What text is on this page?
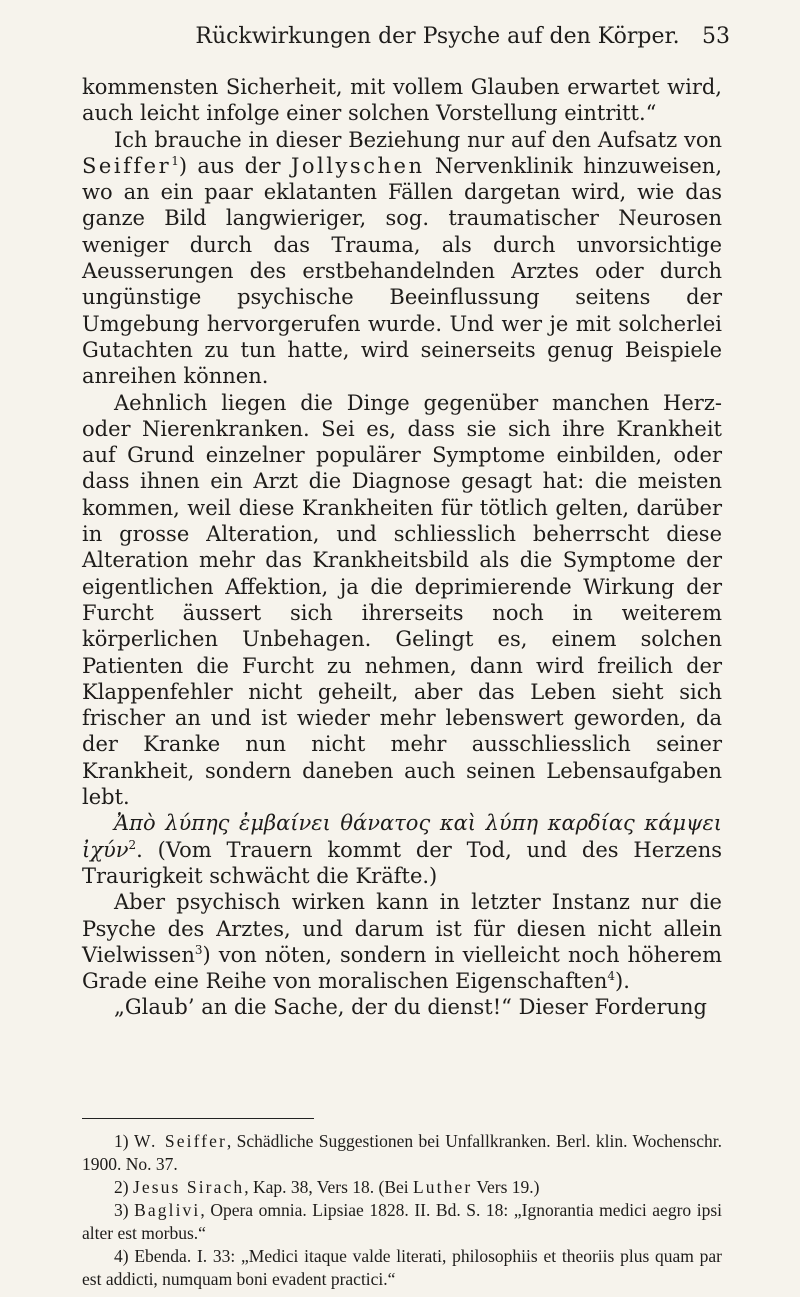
Rückwirkungen der Psyche auf den Körper.	53

kommensten Sicherheit, mit vollem Glauben erwartet wird, auch leicht infolge einer solchen Vorstellung eintritt.“

Ich brauche in dieser Beziehung nur auf den Aufsatz von Seiffer$^1$) aus der Jollyschen Nervenklinik hinzuweisen, wo an ein paar eklatanten Fällen dargetan wird, wie das ganze Bild langwieriger, sog. traumatischer Neurosen weniger durch das Trauma, als durch unvorsichtige Aeusserungen des erstbehandelnden Arztes oder durch ungünstige psychische Beeinflussung seitens der Umgebung hervorgerufen wurde. Und wer je mit solcherlei Gutachten zu tun hatte, wird seinerseits genug Beispiele anreihen können.

Aehnlich liegen die Dinge gegenüber manchen Herz- oder Nierenkranken. Sei es, dass sie sich ihre Krankheit auf Grund einzelner populärer Symptome einbilden, oder dass ihnen ein Arzt die Diagnose gesagt hat: die meisten kommen, weil diese Krankheiten für tötlich gelten, darüber in grosse Alteration, und schliesslich beherrscht diese Alteration mehr das Krankheitsbild als die Symptome der eigentlichen Affektion, ja die deprimierende Wirkung der Furcht äussert sich ihrerseits noch in weiterem körperlichen Unbehagen. Gelingt es, einem solchen Patienten die Furcht zu nehmen, dann wird freilich der Klappenfehler nicht geheilt, aber das Leben sieht sich frischer an und ist wieder mehr lebenswert geworden, da der Kranke nun nicht mehr ausschliesslich seiner Krankheit, sondern daneben auch seinen Lebensaufgaben lebt.

Ἀπὸ λύπης ἐμβαίνει θάνατος καὶ λύπη καρδίας κάμψει ἰχύν$^2$. (Vom Trauern kommt der Tod, und des Herzens Traurigkeit schwächt die Kräfte.)

Aber psychisch wirken kann in letzter Instanz nur die Psyche des Arztes, und darum ist für diesen nicht allein Vielwissen$^3$) von nöten, sondern in vielleicht noch höherem Grade eine Reihe von moralischen Eigenschaften$^4$).

„Glaub’ an die Sache, der du dienst!“ Dieser Forderung

1) W. Seiffer, Schädliche Suggestionen bei Unfallkranken. Berl. klin. Wochenschr. 1900. No. 37.

2) Jesus Sirach, Kap. 38, Vers 18. (Bei Luther Vers 19.)

3) Baglivi, Opera omnia. Lipsiae 1828. II. Bd. S. 18: „Ignorantia medici aegro ipsi alter est morbus.“

4) Ebenda. I. 33: „Medici itaque valde literati, philosophiis et theoriis plus quam par est addicti, numquam boni evadent practici.“
